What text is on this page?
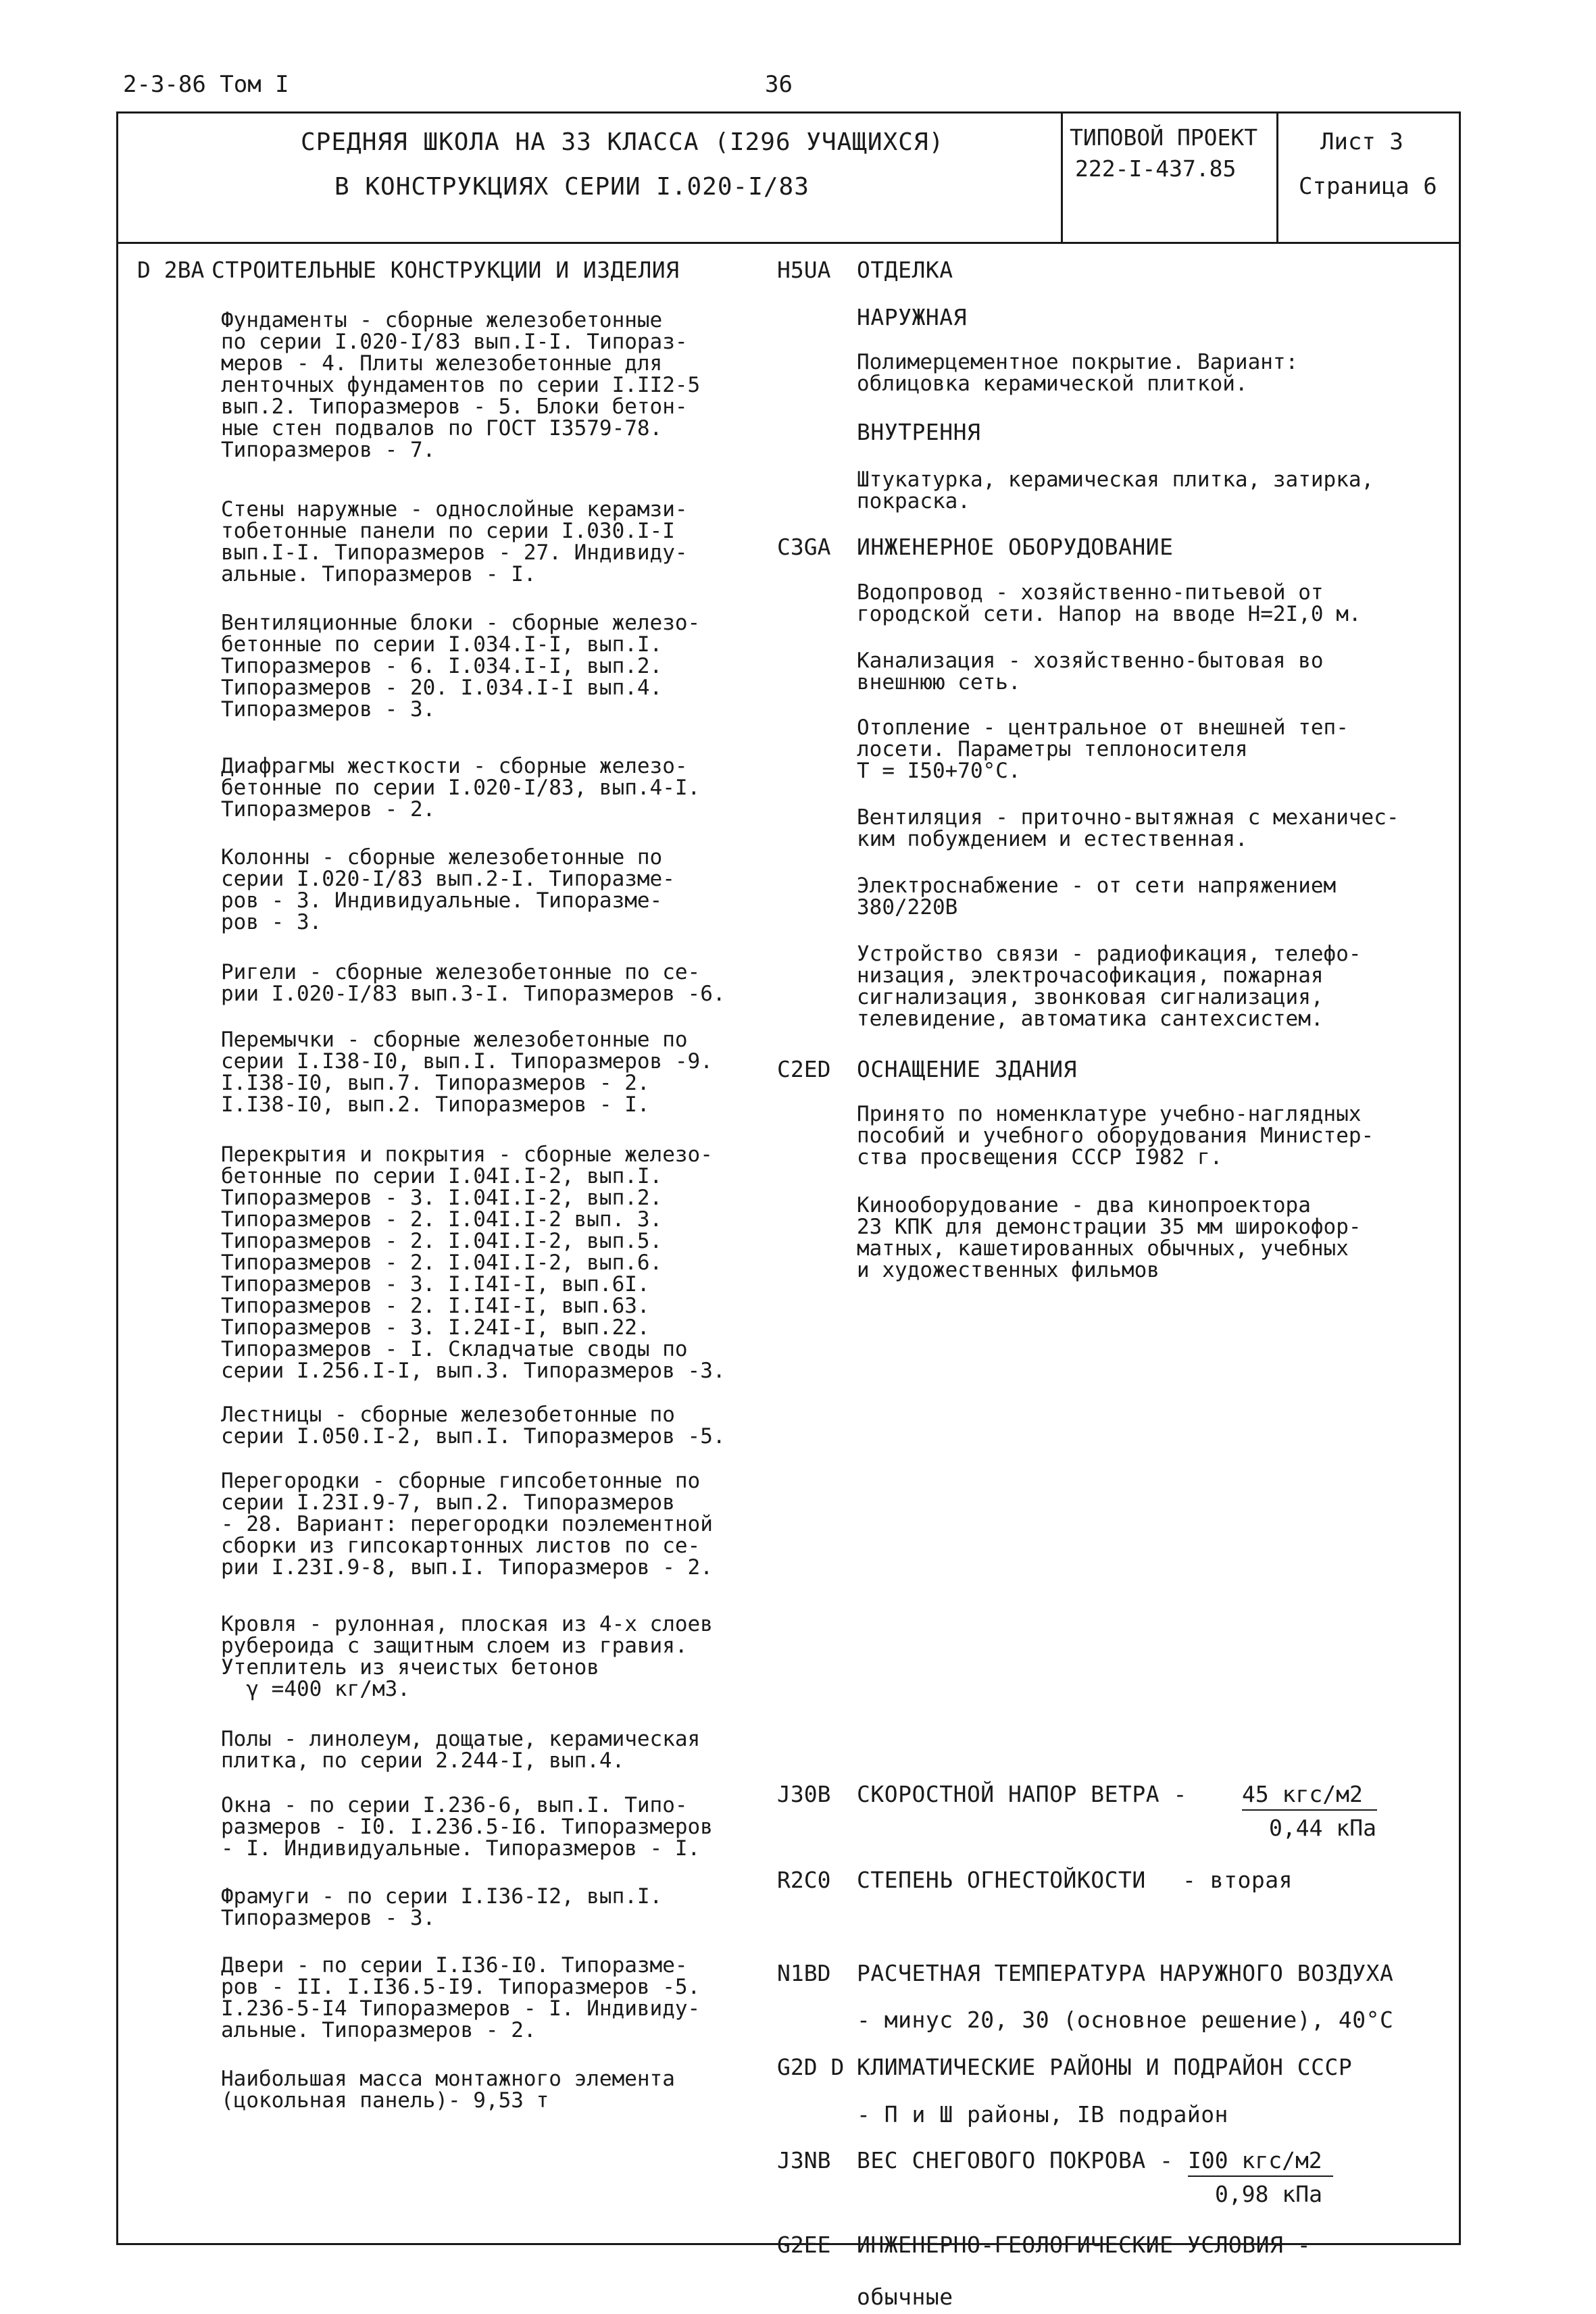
2-3-86 Том I	36
СРЕДНЯЯ ШКОЛА НА 33 КЛАССА (I296 УЧАЩИХСЯ)
В КОНСТРУКЦИЯХ СЕРИИ I.020-I/83
ТИПОВОЙ ПРОЕКТ
222-I-437.85
Лист 3
Страница 6
D 2BA СТРОИТЕЛЬНЫЕ КОНСТРУКЦИИ И ИЗДЕЛИЯ
Фундаменты - сборные железобетонные
по серии I.020-I/83 вып.I-I. Типораз-
меров - 4. Плиты железобетонные для
ленточных фундаментов по серии I.II2-5
вып.2. Типоразмеров - 5. Блоки бетон-
ные стен подвалов по ГОСТ I3579-78.
Типоразмеров - 7.
Стены наружные - однослойные керамзи-
тобетонные панели по серии I.030.I-I
вып.I-I. Типоразмеров - 27. Индивиду-
альные. Типоразмеров - I.
Вентиляционные блоки - сборные железо-
бетонные по серии I.034.I-I, вып.I.
Типоразмеров - 6. I.034.I-I, вып.2.
Типоразмеров - 20. I.034.I-I вып.4.
Типоразмеров - 3.
Диафрагмы жесткости - сборные железо-
бетонные по серии I.020-I/83, вып.4-I.
Типоразмеров - 2.
Колонны - сборные железобетонные по
серии I.020-I/83 вып.2-I. Типоразме-
ров - 3. Индивидуальные. Типоразме-
ров - 3.
Ригели - сборные железобетонные по се-
рии I.020-I/83 вып.3-I. Типоразмеров -6.
Перемычки - сборные железобетонные по
серии I.I38-I0, вып.I. Типоразмеров -9.
I.I38-I0, вып.7. Типоразмеров - 2.
I.I38-I0, вып.2. Типоразмеров - I.
Перекрытия и покрытия - сборные железо-
бетонные по серии I.04I.I-2, вып.I.
Типоразмеров - 3. I.04I.I-2, вып.2.
Типоразмеров - 2. I.04I.I-2 вып. 3.
Типоразмеров - 2. I.04I.I-2, вып.5.
Типоразмеров - 2. I.04I.I-2, вып.6.
Типоразмеров - 3. I.I4I-I, вып.6I.
Типоразмеров - 2. I.I4I-I, вып.63.
Типоразмеров - 3. I.24I-I, вып.22.
Типоразмеров - I. Складчатые своды по
серии I.256.I-I, вып.3. Типоразмеров -3.
Лестницы - сборные железобетонные по
серии I.050.I-2, вып.I. Типоразмеров -5.
Перегородки - сборные гипсобетонные по
серии I.23I.9-7, вып.2. Типоразмеров
- 28. Вариант: перегородки поэлементной
сборки из гипсокартонных листов по се-
рии I.23I.9-8, вып.I. Типоразмеров - 2.
Кровля - рулонная, плоская из 4-х слоев
рубероида с защитным слоем из гравия.
Утеплитель из ячеистых бетонов
γ =400 кг/м3.
Полы - линолеум, дощатые, керамическая
плитка, по серии 2.244-I, вып.4.
Окна - по серии I.236-6, вып.I. Типо-
размеров - I0. I.236.5-I6. Типоразмеров
- I. Индивидуальные. Типоразмеров - I.
Фрамуги - по серии I.I36-I2, вып.I.
Типоразмеров - 3.
Двери - по серии I.I36-I0. Типоразме-
ров - II. I.I36.5-I9. Типоразмеров -5.
I.236-5-I4 Типоразмеров - I. Индивиду-
альные. Типоразмеров - 2.
Наибольшая масса монтажного элемента
(цокольная панель)- 9,53 т
H5UA ОТДЕЛКА
НАРУЖНАЯ
Полимерцементное покрытие. Вариант:
облицовка керамической плиткой.
ВНУТРЕННЯ
Штукатурка, керамическая плитка, затирка,
покраска.
C3GA ИНЖЕНЕРНОЕ ОБОРУДОВАНИЕ
Водопровод - хозяйственно-питьевой от
городской сети. Напор на вводе Н=2I,0 м.
Канализация - хозяйственно-бытовая во
внешнюю сеть.
Отопление - центральное от внешней теп-
лосети. Параметры теплоносителя
Т = I50+70°С.
Вентиляция - приточно-вытяжная с механичес-
ким побуждением и естественная.
Электроснабжение - от сети напряжением
380/220В
Устройство связи - радиофикация, телефо-
низация, электрочасофикация, пожарная
сигнализация, звонковая сигнализация,
телевидение, автоматика сантехсистем.
C2ED ОСНАЩЕНИЕ ЗДАНИЯ
Принято по номенклатуре учебно-наглядных
пособий и учебного оборудования Министер-
ства просвещения СССР I982 г.
Кинооборудование - два кинопроектора
23 КПК для демонстрации 35 мм широкофор-
матных, кашетированных обычных, учебных
и художественных фильмов
J30B СКОРОСТНОЙ НАПОР ВЕТРА - 45 кгс/м2
0,44 кПа
R2C0 СТЕПЕНЬ ОГНЕСТОЙКОСТИ - вторая
N1BD РАСЧЕТНАЯ ТЕМПЕРАТУРА НАРУЖНОГО ВОЗДУХА
- минус 20, 30 (основное решение), 40°С
G2D D КЛИМАТИЧЕСКИЕ РАЙОНЫ И ПОДРАЙОН СССР
- П и Ш районы, IВ подрайон
J3NB ВЕС СНЕГОВОГО ПОКРОВА - I00 кгс/м2
0,98 кПа
G2EE ИНЖЕНЕРНО-ГЕОЛОГИЧЕСКИЕ УСЛОВИЯ -
обычные
